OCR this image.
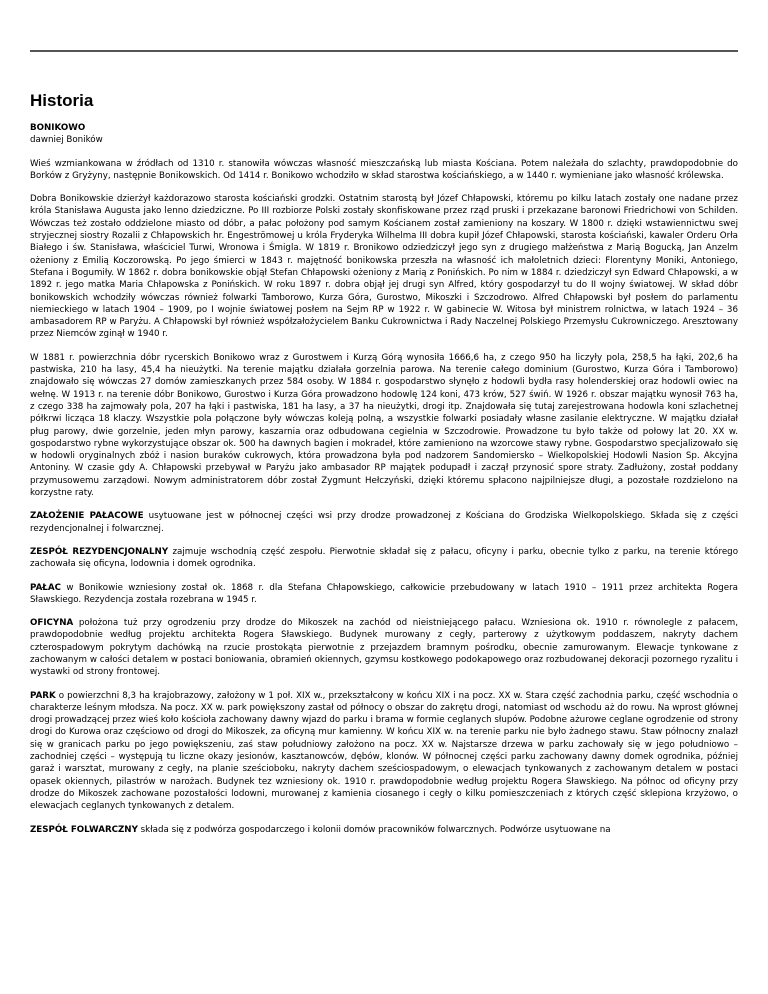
Historia
BONIKOWO
dawniej Boników

Wieś wzmiankowana w źródłach od 1310 r. stanowiła wówczas własność mieszczańską lub miasta Kościana. Potem należała do szlachty, prawdopodobnie do Borków z Gryżyny, następnie Bonikowskich. Od 1414 r. Bonikowo wchodziło w skład starostwa kościańskiego, a w 1440 r. wymieniane jako własność królewska.

Dobra Bonikowskie dzierżył każdorazowo starosta kościański grodzki. Ostatnim starostą był Józef Chłapowski, któremu po kilku latach zostały one nadane przez króla Stanisława Augusta jako lenno dziedziczne. Po III rozbiorze Polski zostały skonfiskowane przez rząd pruski i przekazane baronowi Friedrichowi von Schilden. Wówczas też zostało oddzielone miasto od dóbr, a pałac położony pod samym Kościanem został zamieniony na koszary. W 1800 r. dzięki wstawiennictwu swej stryjecznej siostry Rozalii z Chłapowskich hr. Engeströmowej u króla Fryderyka Wilhelma III dobra kupił Józef Chłapowski, starosta kościański, kawaler Orderu Orła Białego i św. Stanisława, właściciel Turwi, Wronowa i Śmigla. W 1819 r. Bronikowo odziedziczył jego syn z drugiego małżeństwa z Marią Bogucką, Jan Anzelm ożeniony z Emilią Koczorowską. Po jego śmierci w 1843 r. majętność bonikowska przeszła na własność ich małoletnich dzieci: Florentyny Moniki, Antoniego, Stefana i Bogumiły. W 1862 r. dobra bonikowskie objął Stefan Chłapowski ożeniony z Marią z Ponińskich. Po nim w 1884 r. dziedziczył syn Edward Chłapowski, a w 1892 r. jego matka Maria Chłapowska z Ponińskich. W roku 1897 r. dobra objął jej drugi syn Alfred, który gospodarzył tu do II wojny światowej. W skład dóbr bonikowskich wchodziły wówczas również folwarki Tamborowo, Kurza Góra, Gurostwo, Mikoszki i Szczodrowo. Alfred Chłapowski był posłem do parlamentu niemieckiego w latach 1904 – 1909, po I wojnie światowej posłem na Sejm RP w 1922 r. W gabinecie W. Witosa był ministrem rolnictwa, w latach 1924 – 36 ambasadorem RP w Paryżu. A Chłapowski był również współzałożycielem Banku Cukrownictwa i Rady Naczelnej Polskiego Przemysłu Cukrowniczego. Aresztowany przez Niemców zginął w 1940 r.

W 1881 r. powierzchnia dóbr rycerskich Bonikowo wraz z Gurostwem i Kurzą Górą wynosiła 1666,6 ha, z czego 950 ha liczyły pola, 258,5 ha łąki, 202,6 ha pastwiska, 210 ha lasy, 45,4 ha nieużytki. Na terenie majątku działała gorzelnia parowa. Na terenie całego dominium (Gurostwo, Kurza Góra i Tamborowo) znajdowało się wówczas 27 domów zamieszkanych przez 584 osoby. W 1884 r. gospodarstwo słynęło z hodowli bydła rasy holenderskiej oraz hodowli owiec na wełnę. W 1913 r. na terenie dóbr Bonikowo, Gurostwo i Kurza Góra prowadzono hodowlę 124 koni, 473 krów, 527 świń. W 1926 r. obszar majątku wynosił 763 ha, z czego 338 ha zajmowały pola, 207 ha łąki i pastwiska, 181 ha lasy, a 37 ha nieużytki, drogi itp. Znajdowała się tutaj zarejestrowana hodowla koni szlachetnej półkrwi licząca 18 klaczy. Wszystkie pola połączone były wówczas koleją polną, a wszystkie folwarki posiadały własne zasilanie elektryczne. W majątku działał pług parowy, dwie gorzelnie, jeden młyn parowy, kaszarnia oraz odbudowana cegielnia w Szczodrowie. Prowadzone tu było także od połowy lat 20. XX w. gospodarstwo rybne wykorzystujące obszar ok. 500 ha dawnych bagien i mokradeł, które zamieniono na wzorcowe stawy rybne. Gospodarstwo specjalizowało się w hodowli oryginalnych zbóż i nasion buraków cukrowych, która prowadzona była pod nadzorem Sandomiersko – Wielkopolskiej Hodowli Nasion Sp. Akcyjna Antoniny. W czasie gdy A. Chłapowski przebywał w Paryżu jako ambasador RP majątek podupadł i zaczął przynosić spore straty. Zadłużony, został poddany przymusowemu zarządowi. Nowym administratorem dóbr został Zygmunt Hełczyński, dzięki któremu spłacono najpilniejsze długi, a pozostałe rozdzielono na korzystne raty.

ZAŁOŻENIE PAŁACOWE usytuowane jest w północnej części wsi przy drodze prowadzonej z Kościana do Grodziska Wielkopolskiego. Składa się z części rezydencjonalnej i folwarcznej.

ZESPÓŁ REZYDENCJONALNY zajmuje wschodnią część zespołu. Pierwotnie składał się z pałacu, oficyny i parku, obecnie tylko z parku, na terenie którego zachowała się oficyna, lodownia i domek ogrodnika.

PAŁAC w Bonikowie wzniesiony został ok. 1868 r. dla Stefana Chłapowskiego, całkowicie przebudowany w latach 1910 – 1911 przez architekta Rogera Sławskiego. Rezydencja została rozebrana w 1945 r.

OFICYNA położona tuż przy ogrodzeniu przy drodze do Mikoszek na zachód od nieistniejącego pałacu. Wzniesiona ok. 1910 r. równolegle z pałacem, prawdopodobnie według projektu architekta Rogera Sławskiego. Budynek murowany z cegły, parterowy z użytkowym poddaszem, nakryty dachem czterospadowym pokrytym dachówką na rzucie prostokąta pierwotnie z przejazdem bramnym pośrodku, obecnie zamurowanym. Elewacje tynkowane z zachowanym w całości detalem w postaci boniowania, obramień okiennych, gzymsu kostkowego podokapowego oraz rozbudowanej dekoracji pozornego ryzalitu i wystawki od strony frontowej.

PARK o powierzchni 8,3 ha krajobrazowy, założony w 1 poł. XIX w., przekształcony w końcu XIX i na pocz. XX w. Stara część zachodnia parku, część wschodnia o charakterze leśnym młodsza. Na pocz. XX w. park powiększony zastał od północy o obszar do zakrętu drogi, natomiast od wschodu aż do rowu. Na wprost głównej drogi prowadzącej przez wieś koło kościoła zachowany dawny wjazd do parku i brama w formie ceglanych słupów. Podobne ażurowe ceglane ogrodzenie od strony drogi do Kurowa oraz częściowo od drogi do Mikoszek, za oficyną mur kamienny. W końcu XIX w. na terenie parku nie było żadnego stawu. Staw północny znalazł się w granicach parku po jego powiększeniu, zaś staw południowy założono na pocz. XX w. Najstarsze drzewa w parku zachowały się w jego południowo – zachodniej części – występują tu liczne okazy jesionów, kasztanowców, dębów, klonów. W północnej części parku zachowany dawny domek ogrodnika, później garaż i warsztat, murowany z cegły, na planie sześcioboku, nakryty dachem sześciospadowym, o elewacjach tynkowanych z zachowanym detalem w postaci opasek okiennych, pilastrów w narożach. Budynek tez wzniesiony ok. 1910 r. prawdopodobnie według projektu Rogera Sławskiego. Na północ od oficyny przy drodze do Mikoszek zachowane pozostałości lodowni, murowanej z kamienia ciosanego i cegły o kilku pomieszczeniach z których część sklepiona krzyżowo, o elewacjach ceglanych tynkowanych z detalem.

ZESPÓŁ FOLWARCZNY składa się z podwórza gospodarczego i kolonii domów pracowników folwarcznych. Podwórze usytuowane na
